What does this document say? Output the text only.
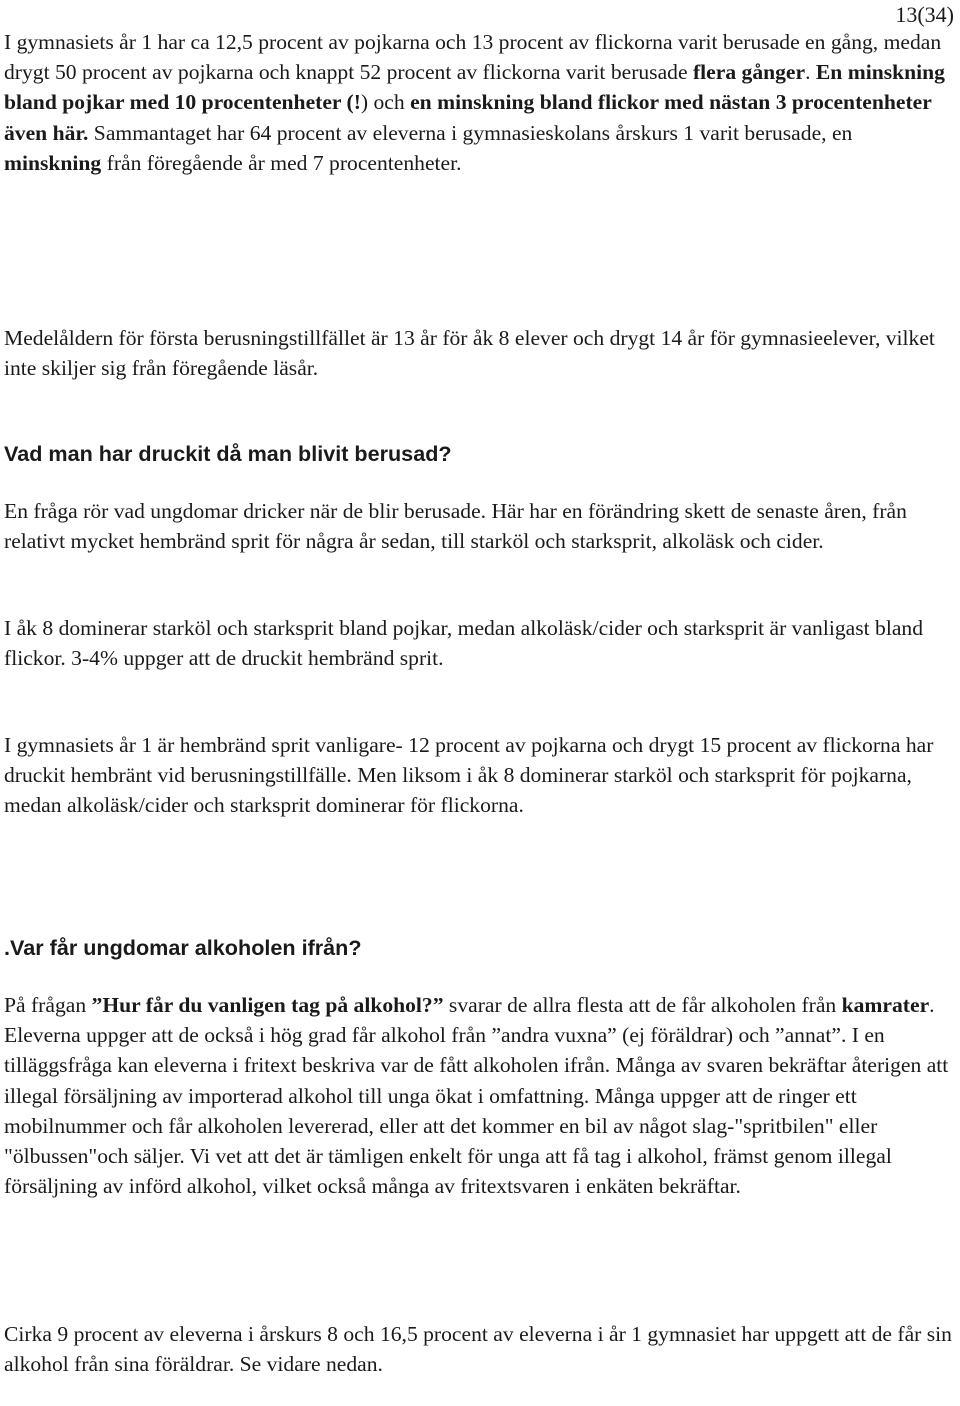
13(34)

I gymnasiets år 1 har ca 12,5 procent av pojkarna och 13 procent av flickorna varit berusade en gång, medan drygt 50 procent av pojkarna och knappt 52 procent av flickorna varit berusade flera gånger. En minskning bland pojkar med 10 procentenheter (!) och en minskning bland flickor med nästan 3 procentenheter även här. Sammantaget har 64 procent av eleverna i gymnasieskolans årskurs 1 varit berusade, en minskning från föregående år med 7 procentenheter.

Medelåldern för första berusningstillfället är 13 år för åk 8 elever och drygt 14 år för gymnasieelever, vilket inte skiljer sig från föregående läsår.

Vad man har druckit då man blivit berusad?

En fråga rör vad ungdomar dricker när de blir berusade. Här har en förändring skett de senaste åren, från relativt mycket hembränd sprit för några år sedan, till starköl och starksprit, alkoläsk och cider.

I åk 8 dominerar starköl och starksprit bland pojkar, medan alkoläsk/cider och starksprit är vanligast bland flickor. 3-4% uppger att de druckit hembränd sprit.

I gymnasiets år 1 är hembränd sprit vanligare- 12 procent av pojkarna och drygt 15 procent av flickorna har druckit hembränt vid berusningstillfälle. Men liksom i åk 8 dominerar starköl och starksprit för pojkarna, medan alkoläsk/cider och starksprit dominerar för flickorna.

.Var får ungdomar alkoholen ifrån?

På frågan ”Hur får du vanligen tag på alkohol?” svarar de allra flesta att de får alkoholen från kamrater. Eleverna uppger att de också i hög grad får alkohol från ”andra vuxna” (ej föräldrar) och ”annat”. I en tilläggsfråga kan eleverna i fritext beskriva var de fått alkoholen ifrån. Många av svaren bekräftar återigen att illegal försäljning av importerad alkohol till unga ökat i omfattning. Många uppger att de ringer ett mobilnummer och får alkoholen levererad, eller att det kommer en bil av något slag-"spritbilen" eller "ölbussen"och säljer. Vi vet att det är tämligen enkelt för unga att få tag i alkohol, främst genom illegal försäljning av införd alkohol, vilket också många av fritextsvaren i enkäten bekräftar.

Cirka 9 procent av eleverna i årskurs 8 och 16,5 procent av eleverna i år 1 gymnasiet har uppgett att de får sin alkohol från sina föräldrar. Se vidare nedan.
